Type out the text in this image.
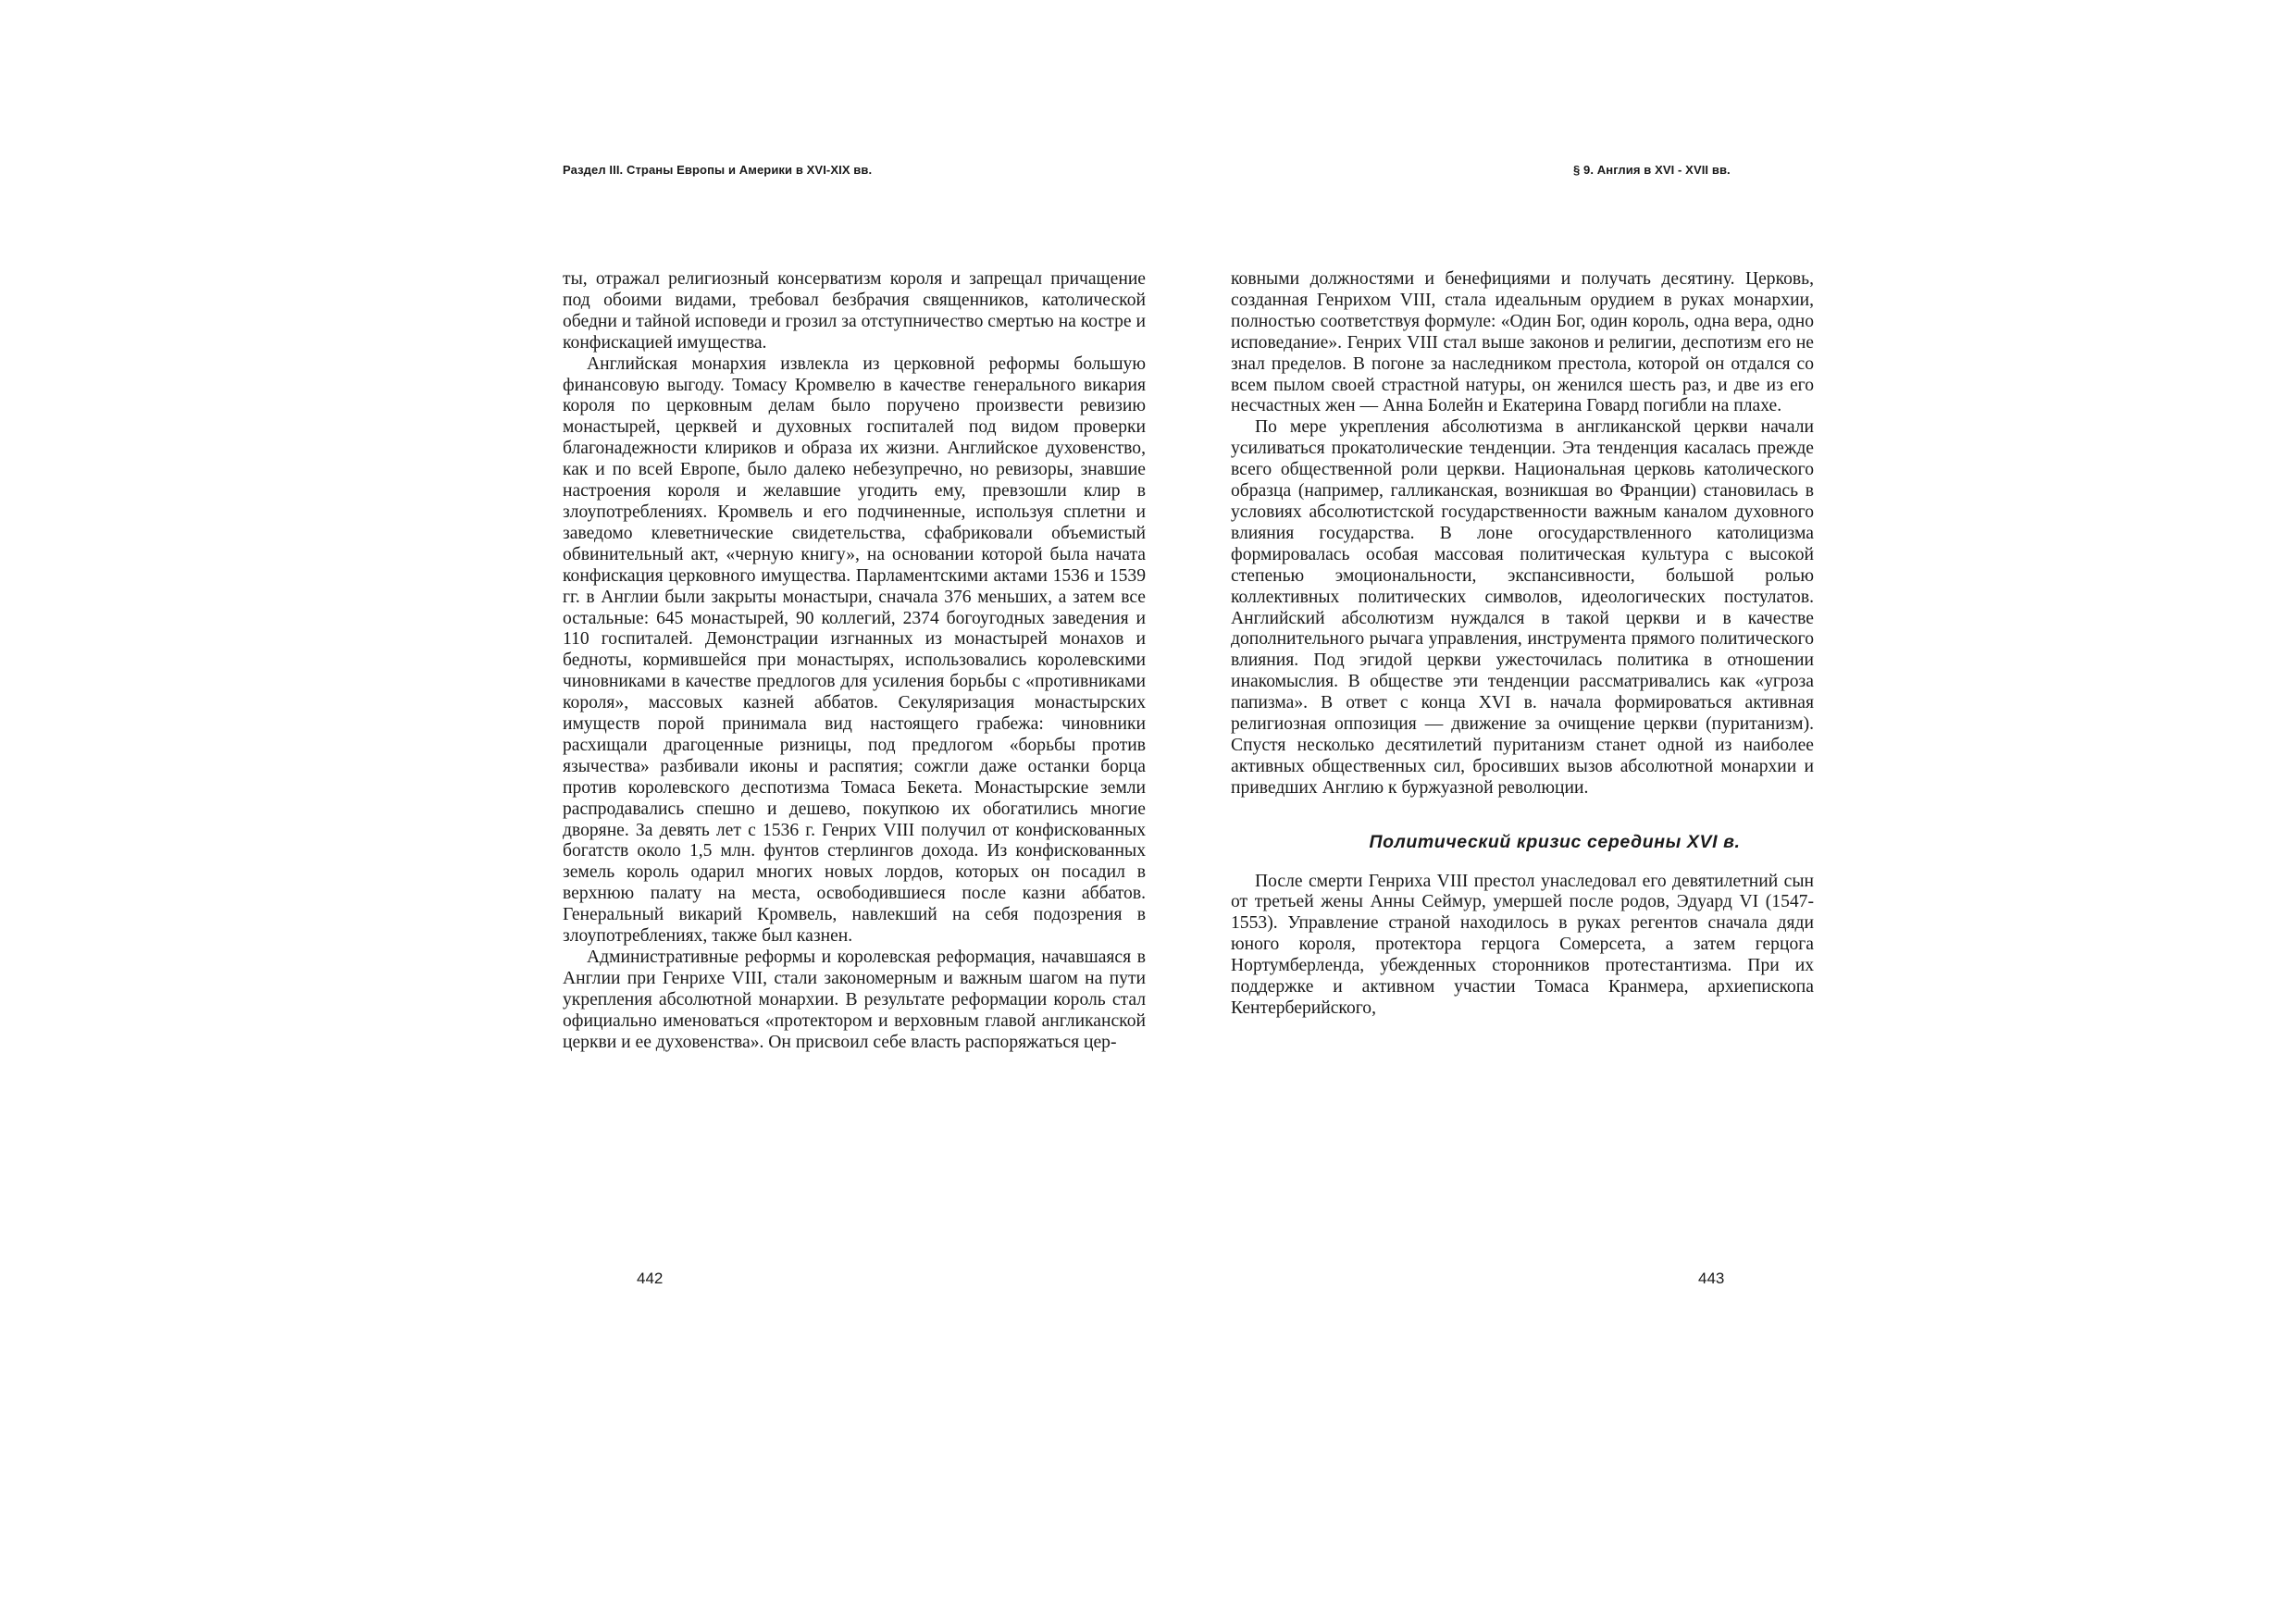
Раздел III. Страны Европы и Америки в XVI-XIX вв.	§ 9. Англия в XVI - XVII вв.

ты, отражал религиозный консерватизм короля и запрещал причащение под обоими видами, требовал безбрачия священников, католической обедни и тайной исповеди и грозил за отступничество смертью на костре и конфискацией имущества.

Английская монархия извлекла из церковной реформы большую финансовую выгоду. Томасу Кромвелю в качестве генерального викария короля по церковным делам было поручено произвести ревизию монастырей, церквей и духовных госпиталей под видом проверки благонадежности клириков и образа их жизни. Английское духовенство, как и по всей Европе, было далеко небезупречно, но ревизоры, знавшие настроения короля и желавшие угодить ему, превзошли клир в злоупотреблениях. Кромвель и его подчиненные, используя сплетни и заведомо клеветнические свидетельства, сфабриковали объемистый обвинительный акт, «черную книгу», на основании которой была начата конфискация церковного имущества. Парламентскими актами 1536 и 1539 гг. в Англии были закрыты монастыри, сначала 376 меньших, а затем все остальные: 645 монастырей, 90 коллегий, 2374 богоугодных заведения и 110 госпиталей. Демонстрации изгнанных из монастырей монахов и бедноты, кормившейся при монастырях, использовались королевскими чиновниками в качестве предлогов для усиления борьбы с «противниками короля», массовых казней аббатов. Секуляризация монастырских имуществ порой принимала вид настоящего грабежа: чиновники расхищали драгоценные ризницы, под предлогом «борьбы против язычества» разбивали иконы и распятия; сожгли даже останки борца против королевского деспотизма Томаса Бекета. Монастырские земли распродавались спешно и дешево, покупкою их обогатились многие дворяне. За девять лет с 1536 г. Генрих VIII получил от конфискованных богатств около 1,5 млн. фунтов стерлингов дохода. Из конфискованных земель король одарил многих новых лордов, которых он посадил в верхнюю палату на места, освободившиеся после казни аббатов. Генеральный викарий Кромвель, навлекший на себя подозрения в злоупотреблениях, также был казнен.

Административные реформы и королевская реформация, начавшаяся в Англии при Генрихе VIII, стали закономерным и важным шагом на пути укрепления абсолютной монархии. В результате реформации король стал официально именоваться «протектором и верховным главой англиканской церкви и ее духовенства». Он присвоил себе власть распоряжаться цер-

ковными должностями и бенефициями и получать десятину. Церковь, созданная Генрихом VIII, стала идеальным орудием в руках монархии, полностью соответствуя формуле: «Один Бог, один король, одна вера, одно исповедание». Генрих VIII стал выше законов и религии, деспотизм его не знал пределов. В погоне за наследником престола, которой он отдался со всем пылом своей страстной натуры, он женился шесть раз, и две из его несчастных жен — Анна Болейн и Екатерина Говард погибли на плахе.

По мере укрепления абсолютизма в англиканской церкви начали усиливаться прокатолические тенденции. Эта тенденция касалась прежде всего общественной роли церкви. Национальная церковь католического образца (например, галликанская, возникшая во Франции) становилась в условиях абсолютистской государственности важным каналом духовного влияния государства. В лоне огосударствленного католицизма формировалась особая массовая политическая культура с высокой степенью эмоциональности, экспансивности, большой ролью коллективных политических символов, идеологических постулатов. Английский абсолютизм нуждался в такой церкви и в качестве дополнительного рычага управления, инструмента прямого политического влияния. Под эгидой церкви ужесточилась политика в отношении инакомыслия. В обществе эти тенденции рассматривались как «угроза папизма». В ответ с конца XVI в. начала формироваться активная религиозная оппозиция — движение за очищение церкви (пуританизм). Спустя несколько десятилетий пуританизм станет одной из наиболее активных общественных сил, бросивших вызов абсолютной монархии и приведших Англию к буржуазной революции.

Политический кризис середины XVI в.

После смерти Генриха VIII престол унаследовал его девятилетний сын от третьей жены Анны Сеймур, умершей после родов, Эдуард VI (1547-1553). Управление страной находилось в руках регентов сначала дяди юного короля, протектора герцога Сомерсета, а затем герцога Нортумберленда, убежденных сторонников протестантизма. При их поддержке и активном участии Томаса Кранмера, архиепископа Кентерберийского,

442	443
